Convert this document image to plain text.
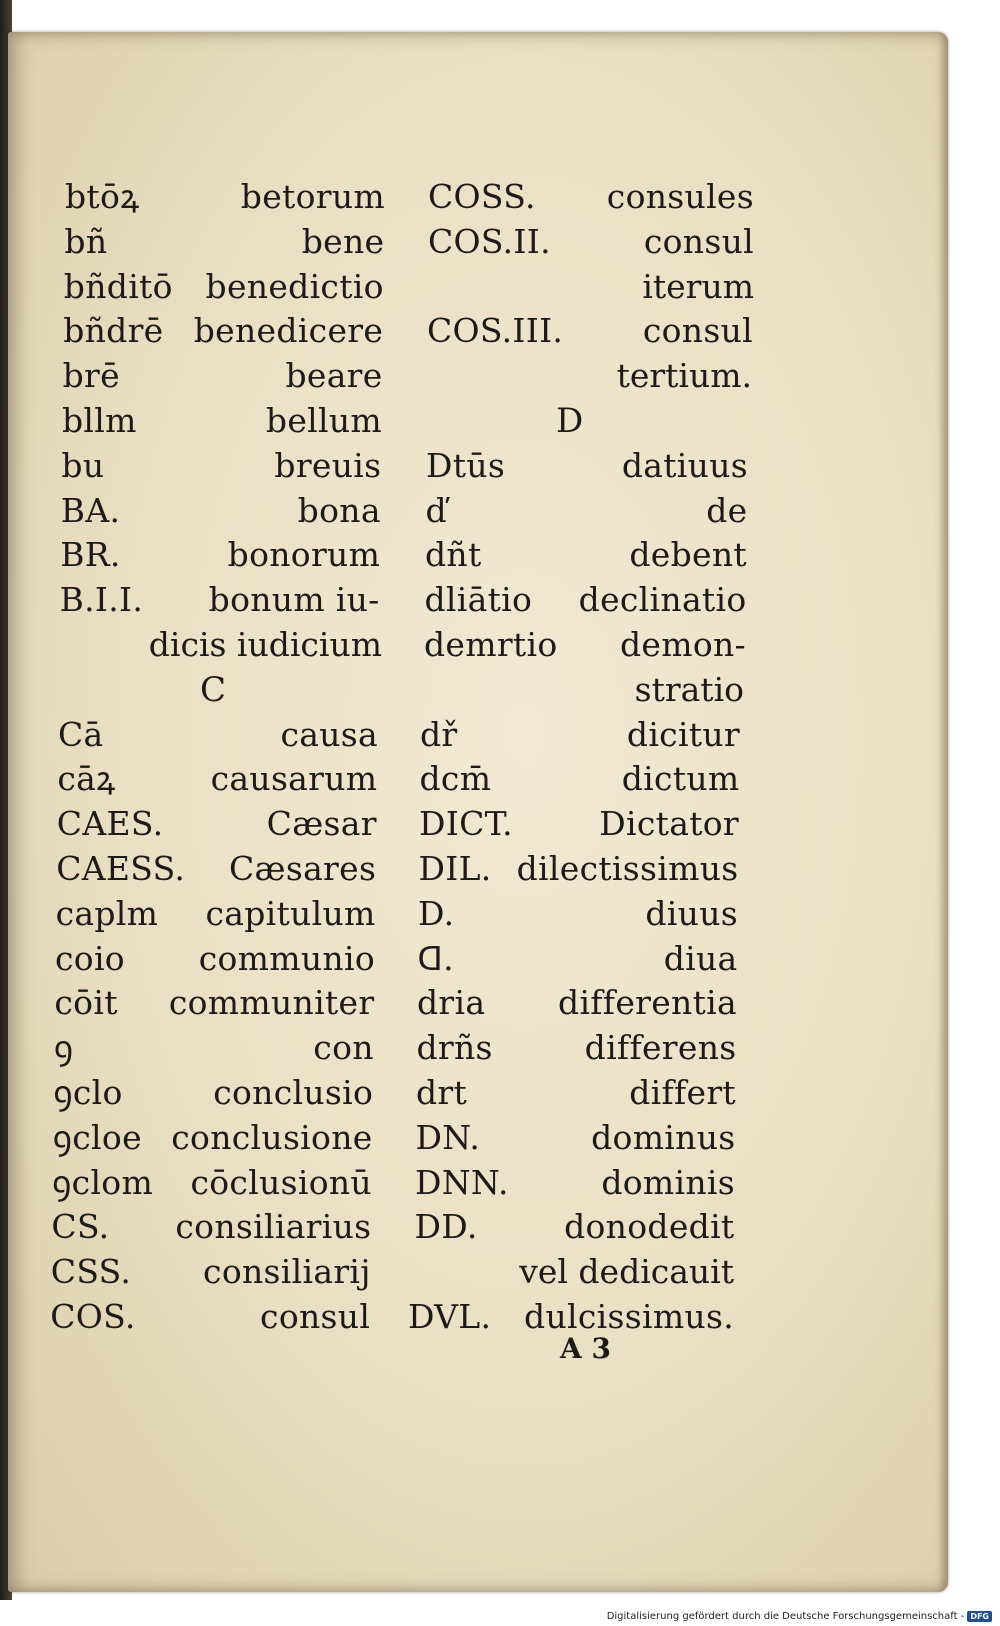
btōꝝ	betorum
bñ	bene
bñditō benedictio
bñdrē benedicere
brē	beare
bllm	bellum
bu	breuis
BA.	bona
BR.	bonorum
B.I.I. bonum iu-
dicis iudicium
C
Cā	causa
cāꝝ	causarum
CAES.	Cæsar
CAESS. Cæsares
caplm capitulum
coio communio
cōit communiter
ꝯ	con
ꝯclo	conclusio
ꝯcloe conclusione
ꝯclom cōclusionū
CS. consiliarius
CSS. consiliarij
COS.	consul
COSS. consules
COS.II.	consul
iterum
COS.III. consul
tertium.
D
Dtūs	datiuus
ď	de
dñt	debent
dliātio declinatio
demrtio demon-
stratio
dř	dicitur
dcm̄	dictum
DICT.	Dictator
DIL. dilectissimus
D.	diuus
ᗡ.	diua
dria differentia
drñs	differens
drt	differt
DN.	dominus
DNN.	dominis
DD.	donodedit
vel dedicauit
DVL. dulcissimus.
A 3
Digitalisierung gefördert durch die Deutsche Forschungsgemeinschaft - DFG
